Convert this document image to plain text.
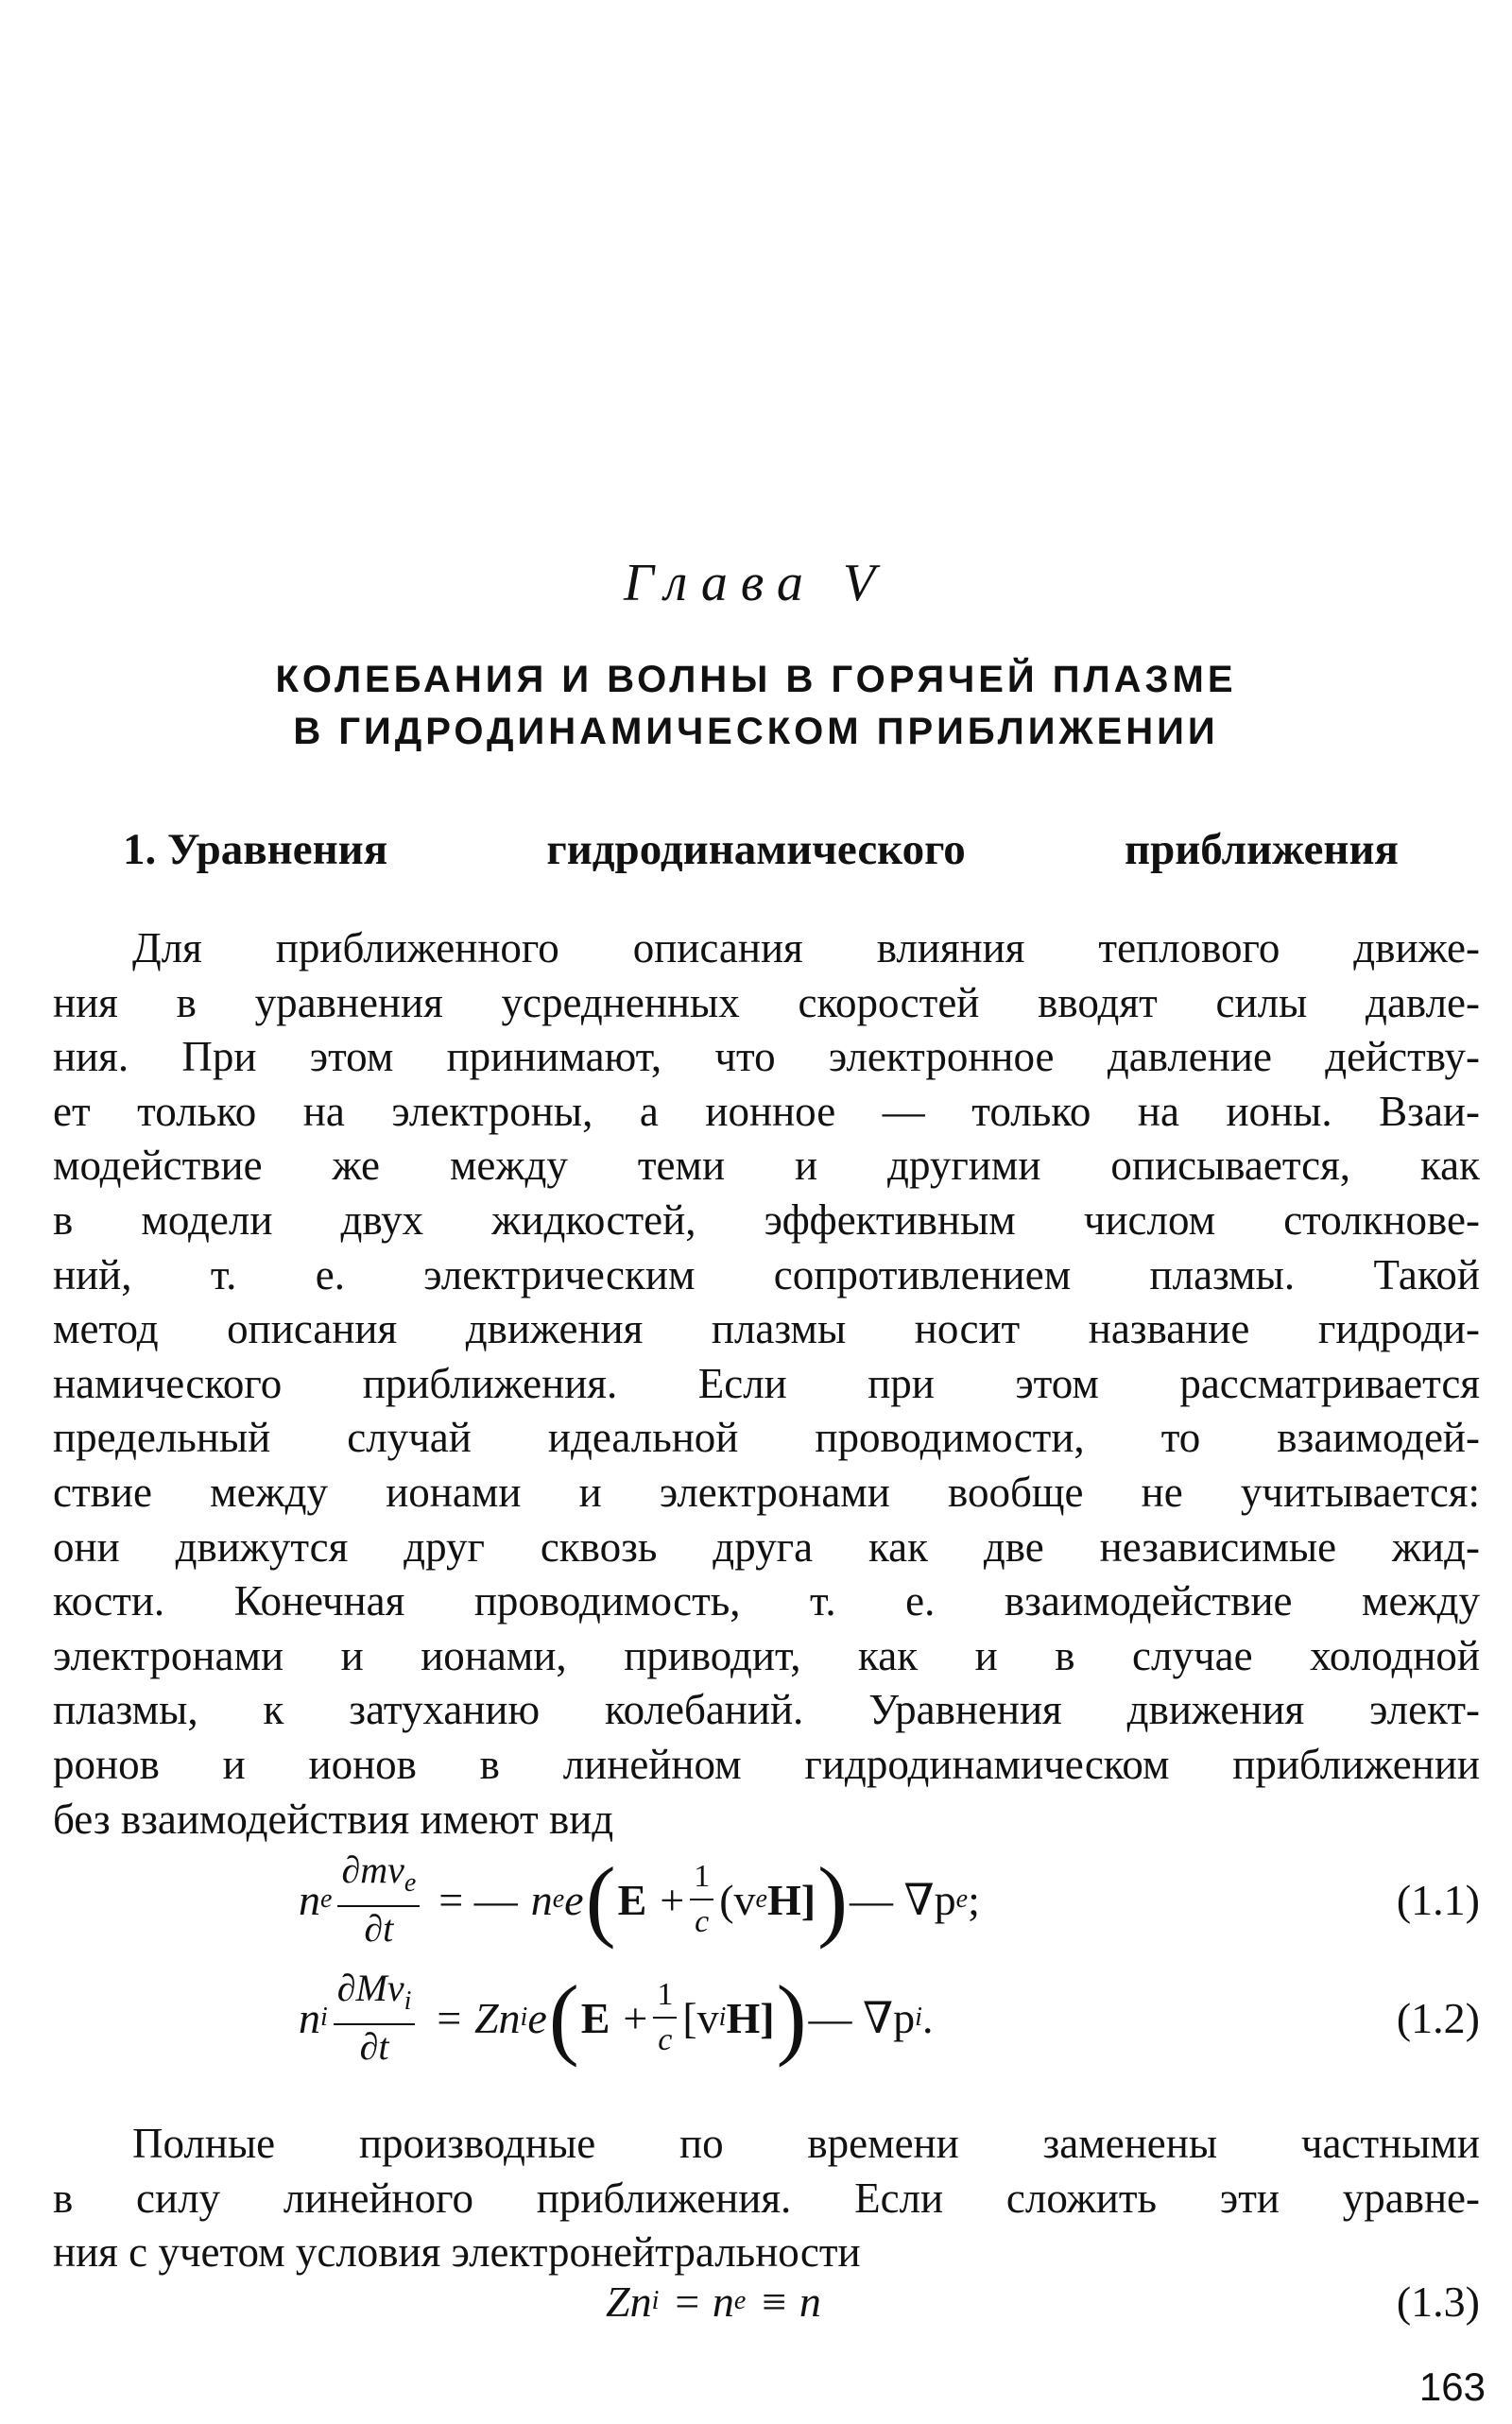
Глава V
КОЛЕБАНИЯ И ВОЛНЫ В ГОРЯЧЕЙ ПЛАЗМЕ
В ГИДРОДИНАМИЧЕСКОМ ПРИБЛИЖЕНИИ
1. Уравнения	гидродинамического	приближения
Для приближенного описания влияния теплового движе-
ния в уравнения усредненных скоростей вводят силы давле-
ния. При этом принимают, что электронное давление действу-
ет только на электроны, а ионное — только на ионы. Взаи-
модействие же между теми и другими описывается, как
в модели двух жидкостей, эффективным числом столкнове-
ний, т. е. электрическим сопротивлением плазмы. Такой
метод описания движения плазмы носит название гидроди-
намического приближения. Если при этом рассматривается
предельный случай идеальной проводимости, то взаимодей-
ствие между ионами и электронами вообще не учитывается:
они движутся друг сквозь друга как две независимые жид-
кости. Конечная проводимость, т. е. взаимодействие между
электронами и ионами, приводит, как и в случае холодной
плазмы, к затуханию колебаний. Уравнения движения элект-
ронов и ионов в линейном гидродинамическом приближении
без взаимодействия имеют вид
n e $\frac{\partial mv_e}{\partial t}$ = — n e e ( $E + \frac{1}{c} (v$ e H] ) — ∇p e ;	(1.1)
n i $\frac{\partial Mv_i}{\partial t} = Zn$ i e ( $E + \frac{1}{c} [v$ i H] ) — ∇p i .	(1.2)
Полные производные по времени заменены частными
в силу линейного приближения. Если сложить эти уравне-
ния с учетом условия электронейтральности
Zn i = n e ≡ n	(1.3)
163
